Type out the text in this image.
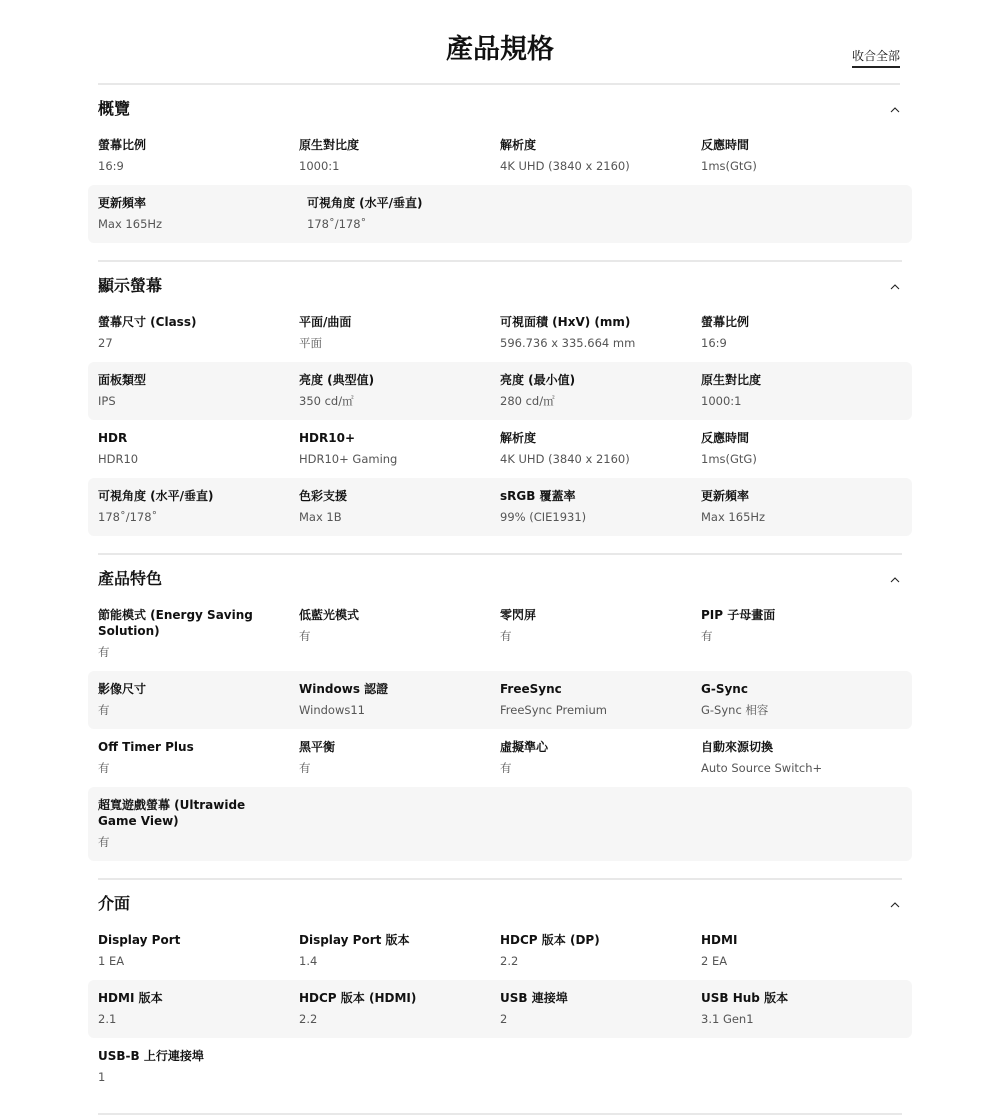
產品規格	收合全部
概覽
螢幕比例
16:9
原生對比度
1000:1
解析度
4K UHD (3840 x 2160)
反應時間
1ms(GtG)
更新頻率
Max 165Hz
可視角度 (水平/垂直)
178˚/178˚
顯示螢幕
螢幕尺寸 (Class)
27
平面/曲面
平面
可視面積 (HxV) (mm)
596.736 x 335.664 mm
螢幕比例
16:9
面板類型
IPS
亮度 (典型值)
350 cd/㎡
亮度 (最小值)
280 cd/㎡
原生對比度
1000:1
HDR
HDR10
HDR10+
HDR10+ Gaming
解析度
4K UHD (3840 x 2160)
反應時間
1ms(GtG)
可視角度 (水平/垂直)
178˚/178˚
色彩支援
Max 1B
sRGB 覆蓋率
99% (CIE1931)
更新頻率
Max 165Hz
產品特色
節能模式 (Energy Saving Solution)
有
低藍光模式
有
零閃屏
有
PIP 子母畫面
有
影像尺寸
有
Windows 認證
Windows11
FreeSync
FreeSync Premium
G-Sync
G-Sync 相容
Off Timer Plus
有
黑平衡
有
虛擬準心
有
自動來源切換
Auto Source Switch+
超寬遊戲螢幕 (Ultrawide Game View)
有
介面
Display Port
1 EA
Display Port 版本
1.4
HDCP 版本 (DP)
2.2
HDMI
2 EA
HDMI 版本
2.1
HDCP 版本 (HDMI)
2.2
USB 連接埠
2
USB Hub 版本
3.1 Gen1
USB-B 上行連接埠
1
